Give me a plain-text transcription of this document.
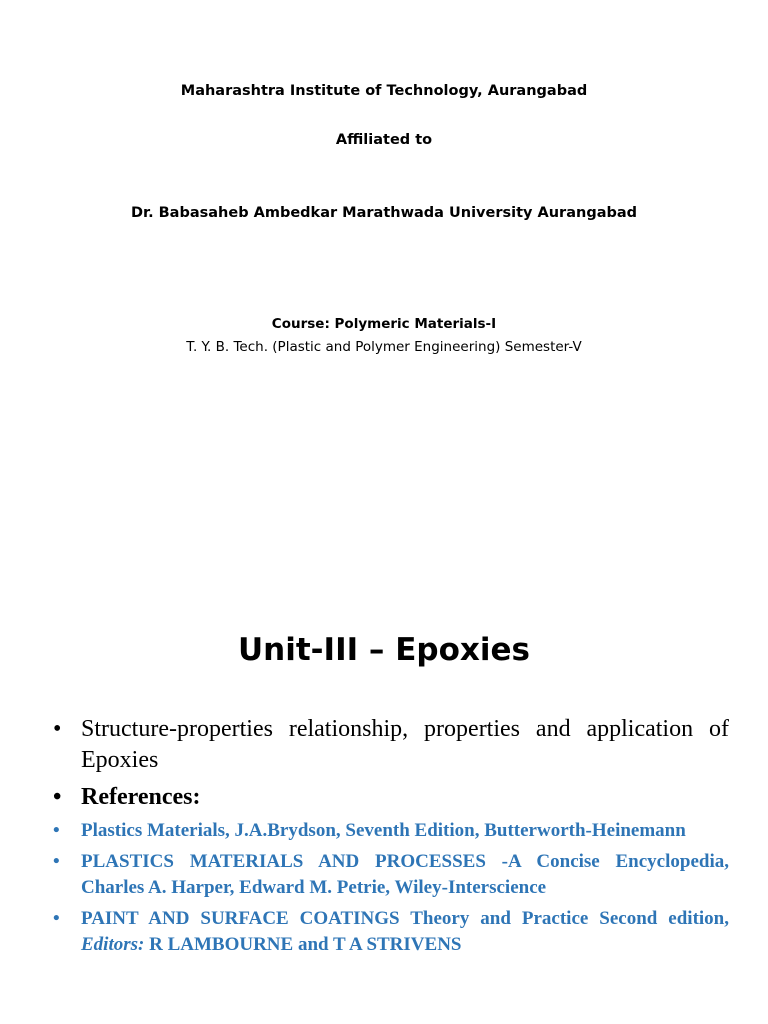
Maharashtra Institute of Technology, Aurangabad
Affiliated to
Dr. Babasaheb Ambedkar Marathwada University Aurangabad
Course: Polymeric Materials-I
T. Y. B. Tech. (Plastic and Polymer Engineering) Semester-V
Unit-III – Epoxies
• Structure-properties relationship, properties and application of Epoxies
• References:
• Plastics Materials, J.A.Brydson, Seventh Edition, Butterworth-Heinemann
• PLASTICS MATERIALS AND PROCESSES -A Concise Encyclopedia, Charles A. Harper, Edward M. Petrie, Wiley-Interscience
• PAINT AND SURFACE COATINGS Theory and Practice Second edition, Editors: R LAMBOURNE and T A STRIVENS
